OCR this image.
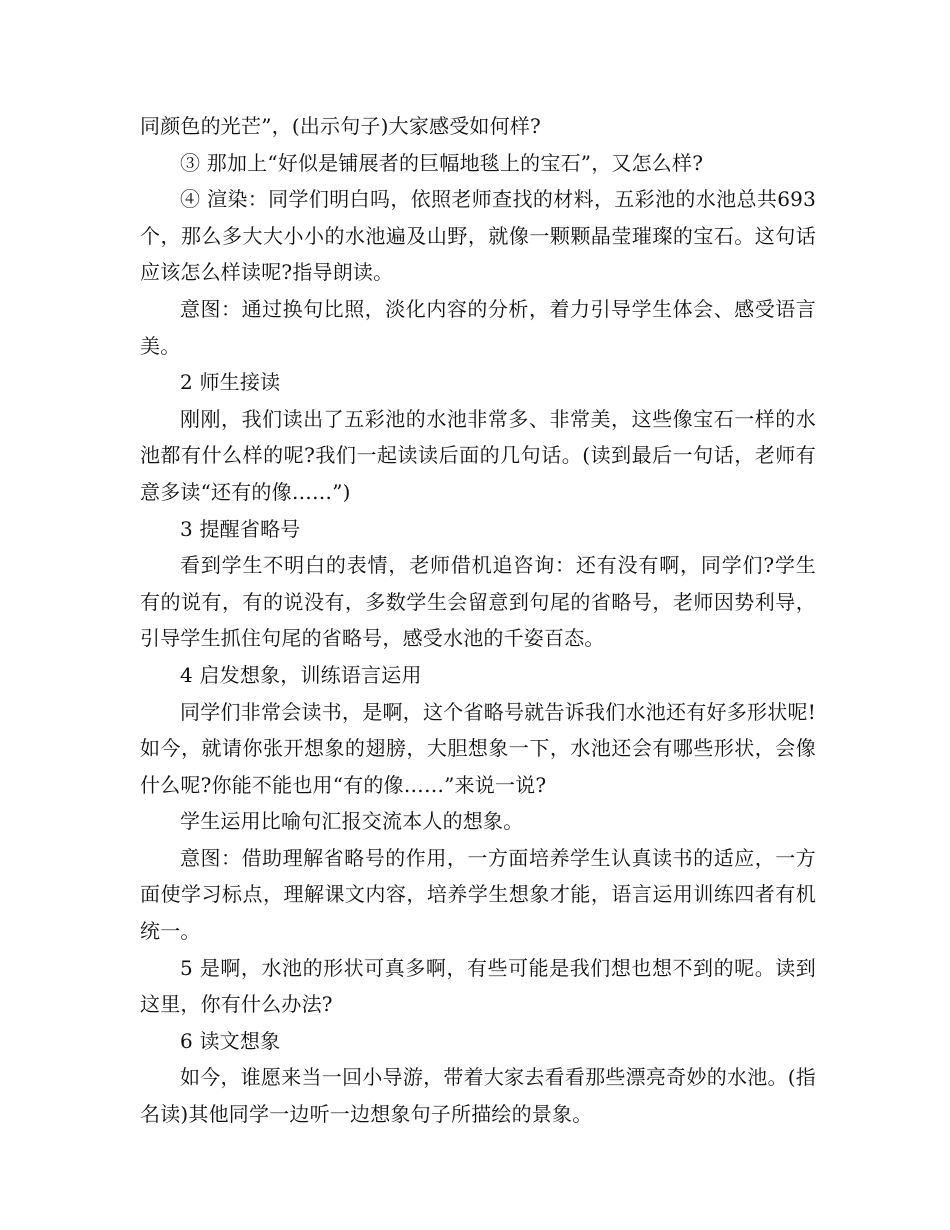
同颜色的光芒”，(出示句子)大家感受如何样?

③ 那加上“好似是铺展者的巨幅地毯上的宝石”，又怎么样?

④ 渲染：同学们明白吗，依照老师查找的材料，五彩池的水池总共693个，那么多大大小小的水池遍及山野，就像一颗颗晶莹璀璨的宝石。这句话应该怎么样读呢?指导朗读。

意图：通过换句比照，淡化内容的分析，着力引导学生体会、感受语言美。

2 师生接读

刚刚，我们读出了五彩池的水池非常多、非常美，这些像宝石一样的水池都有什么样的呢?我们一起读读后面的几句话。(读到最后一句话，老师有意多读“还有的像……”)

3 提醒省略号

看到学生不明白的表情，老师借机追咨询：还有没有啊，同学们?学生有的说有，有的说没有，多数学生会留意到句尾的省略号，老师因势利导，引导学生抓住句尾的省略号，感受水池的千姿百态。

4 启发想象，训练语言运用

同学们非常会读书，是啊，这个省略号就告诉我们水池还有好多形状呢!如今，就请你张开想象的翅膀，大胆想象一下，水池还会有哪些形状，会像什么呢?你能不能也用“有的像……”来说一说?

学生运用比喻句汇报交流本人的想象。

意图：借助理解省略号的作用，一方面培养学生认真读书的适应，一方面使学习标点，理解课文内容，培养学生想象才能，语言运用训练四者有机统一。

5 是啊，水池的形状可真多啊，有些可能是我们想也想不到的呢。读到这里，你有什么办法?

6 读文想象

如今，谁愿来当一回小导游，带着大家去看看那些漂亮奇妙的水池。(指名读)其他同学一边听一边想象句子所描绘的景象。
